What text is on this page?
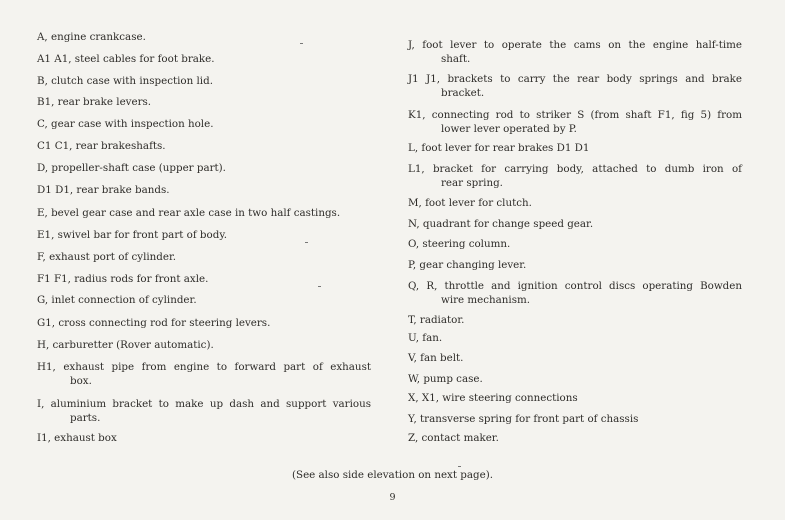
A, engine crankcase.
A1 A1, steel cables for foot brake.
B, clutch case with inspection lid.
B1, rear brake levers.
C, gear case with inspection hole.
C1 C1, rear brakeshafts.
D, propeller-shaft case (upper part).
D1 D1, rear brake bands.
E, bevel gear case and rear axle case in two half castings.
E1, swivel bar for front part of body.
F, exhaust port of cylinder.
F1 F1, radius rods for front axle.
G, inlet connection of cylinder.
G1, cross connecting rod for steering levers.
H, carburetter (Rover automatic).
H1, exhaust pipe from engine to forward part of exhaust
box.
I, aluminium bracket to make up dash and support various
parts.
I1, exhaust box
J, foot lever to operate the cams on the engine half-time
shaft.
J1 J1, brackets to carry the rear body springs and brake
bracket.
K1, connecting rod to striker S (from shaft F1, fig 5) from
lower lever operated by P.
L, foot lever for rear brakes D1 D1
L1, bracket for carrying body, attached to dumb iron of
rear spring.
M, foot lever for clutch.
N, quadrant for change speed gear.
O, steering column.
P, gear changing lever.
Q, R, throttle and ignition control discs operating Bowden
wire mechanism.
T, radiator.
U, fan.
V, fan belt.
W, pump case.
X, X1, wire steering connections
Y, transverse spring for front part of chassis
Z, contact maker.
(See also side elevation on next page).
9
